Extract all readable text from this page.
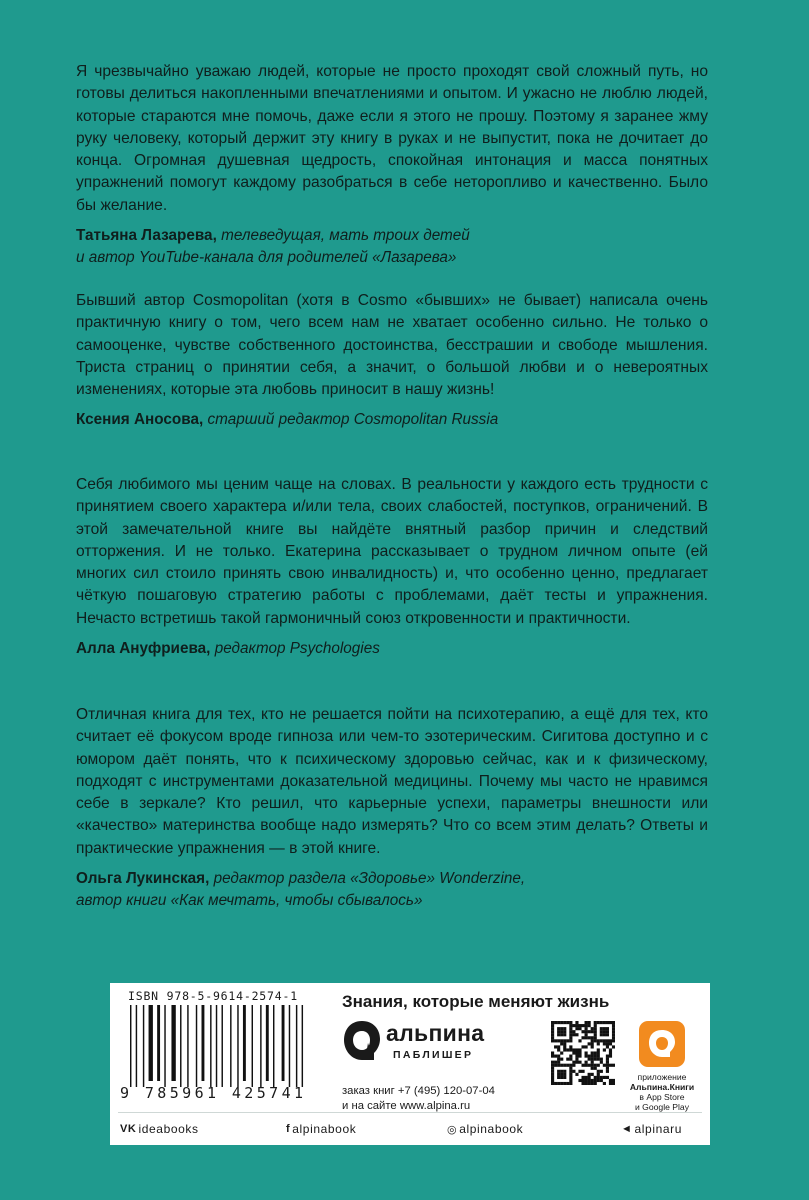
Я чрезвычайно уважаю людей, которые не просто проходят свой сложный путь, но готовы делиться накопленными впечатлениями и опытом. И ужасно не люблю людей, которые стараются мне помочь, даже если я этого не прошу. Поэтому я заранее жму руку человеку, который держит эту книгу в руках и не выпустит, пока не дочитает до конца. Огромная душевная щедрость, спокойная интонация и масса понятных упражнений помогут каждому разобраться в себе неторопливо и качественно. Было бы желание.

Татьяна Лазарева, телеведущая, мать троих детей
и автор YouTube-канала для родителей «Лазарева»

Бывший автор Cosmopolitan (хотя в Cosmo «бывших» не бывает) написала очень практичную книгу о том, чего всем нам не хватает особенно сильно. Не только о самооценке, чувстве собственного достоинства, бесстрашии и свободе мышления. Триста страниц о принятии себя, а значит, о большой любви и о невероятных изменениях, которые эта любовь приносит в нашу жизнь!

Ксения Аносова, старший редактор Cosmopolitan Russia

Себя любимого мы ценим чаще на словах. В реальности у каждого есть трудности с принятием своего характера и/или тела, своих слабостей, поступков, ограничений. В этой замечательной книге вы найдёте внятный разбор причин и следствий отторжения. И не только. Екатерина рассказывает о трудном личном опыте (ей многих сил стоило принять свою инвалидность) и, что особенно ценно, предлагает чёткую пошаговую стратегию работы с проблемами, даёт тесты и упражнения. Нечасто встретишь такой гармоничный союз откровенности и практичности.

Алла Ануфриева, редактор Psychologies

Отличная книга для тех, кто не решается пойти на психотерапию, а ещё для тех, кто считает её фокусом вроде гипноза или чем-то эзотерическим. Сигитова доступно и с юмором даёт понять, что к психическому здоровью сейчас, как и к физическому, подходят с инструментами доказательной медицины. Почему мы часто не нравимся себе в зеркале? Кто решил, что карьерные успехи, параметры внешности или «качество» материнства вообще надо измерять? Что со всем этим делать? Ответы и практические упражнения — в этой книге.

Ольга Лукинская, редактор раздела «Здоровье» Wonderzine,
автор книги «Как мечтать, чтобы сбывалось»
ISBN 978-5-9614-2574-1
9 785961 425741
Знания, которые меняют жизнь
альпина
ПАБЛИШЕР
заказ книг +7 (495) 120-07-04
и на сайте www.alpina.ru
приложение
Альпина.Книги
в App Store
и Google Play
VK ideabooks	f alpinabook	◎ alpinabook	◄ alpinaru
